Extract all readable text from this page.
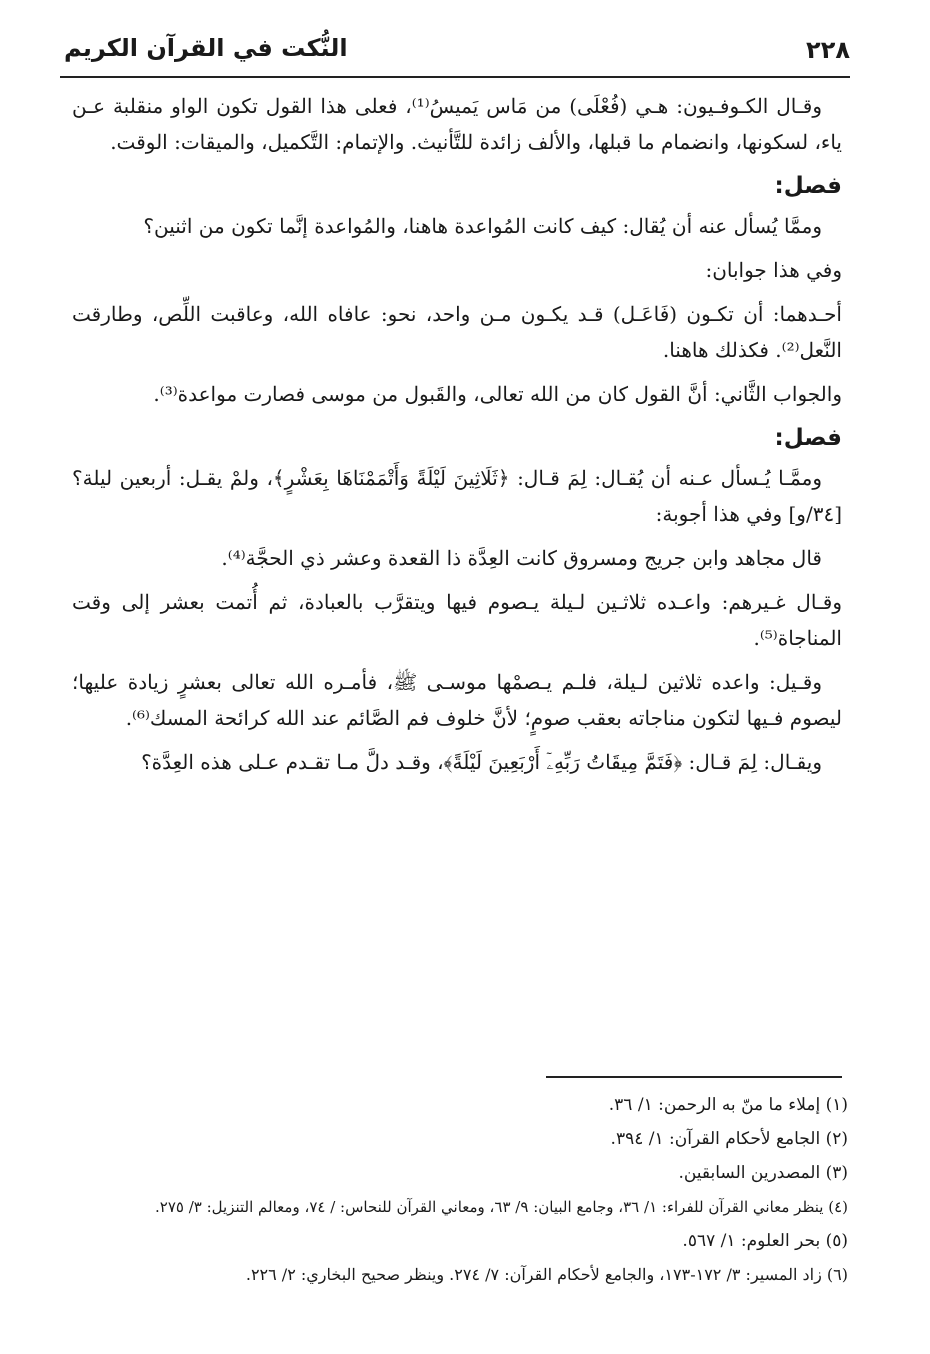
٢٢٨
النُّكت في القرآن الكريم

وقـال الكـوفـيون: هـي (فُعْلَى) من مَاس يَميسُ⁽¹⁾، فعلى هذا القول تكون الواو منقلبة عـن ياء، لسكونها، وانضمام ما قبلها، والألف زائدة للتَّأنيث. والإتمام: التَّكميل، والميقات: الوقت.

فصل:

وممَّا يُسأل عنه أن يُقال: كيف كانت المُواعدة هاهنا، والمُواعدة إنَّما تكون من اثنين؟

وفي هذا جوابان:

أحـدهما: أن تكـون (فَاعَـل) قـد يكـون مـن واحد، نحو: عافاه الله، وعاقبت اللِّص، وطارقت النَّعل⁽²⁾. فكذلك هاهنا.

والجواب الثَّاني: أنَّ القول كان من الله تعالى، والقَبول من موسى فصارت مواعدة⁽³⁾.

فصل:

وممَّـا يُـسأل عـنه أن يُقـال: لِمَ قـال: ﴿ثَلَاثِينَ لَيْلَةً وَأَتْمَمْنَاهَا بِعَشْرٍ﴾، ولمْ يقـل: أربعين ليلة؟ [٣٤/و] وفي هذا أجوبة:

قال مجاهد وابن جريج ومسروق كانت العِدَّة ذا القعدة وعشر ذي الحجَّة⁽⁴⁾.

وقـال غـيرهم: واعـده ثلاثـين لـيلة يـصوم فيها ويتقرَّب بالعبادة، ثم أُتمت بعشر إلى وقت المناجاة⁽⁵⁾.

وقـيل: واعده ثلاثين لـيلة، فلـم يـصمْها موسـى ﷺ، فأمـره الله تعالى بعشرٍ زيادة عليها؛ ليصوم فـيها لتكون مناجاته بعقب صومٍ؛ لأنَّ خلوف فم الصَّائم عند الله كرائحة المسك⁽⁶⁾.

ويقـال: لِمَ قـال: ﴿فَتَمَّ مِيقَاتُ رَبِّهِۦٓ أَرْبَعِينَ لَيْلَةً﴾، وقـد دلَّ مـا تقـدم عـلى هذه العِدَّة؟

(١) إملاء ما منّ به الرحمن: ١/ ٣٦.

(٢) الجامع لأحكام القرآن: ١/ ٣٩٤.

(٣) المصدرين السابقين.

(٤) ينظر معاني القرآن للفراء: ١/ ٣٦، وجامع البيان: ٩/ ٦٣، ومعاني القرآن للنحاس: / ٧٤، ومعالم التنزيل: ٣/ ٢٧٥.

(٥) بحر العلوم: ١/ ٥٦٧.

(٦) زاد المسير: ٣/ ١٧٢-١٧٣، والجامع لأحكام القرآن: ٧/ ٢٧٤. وينظر صحيح البخاري: ٢/ ٢٢٦.
